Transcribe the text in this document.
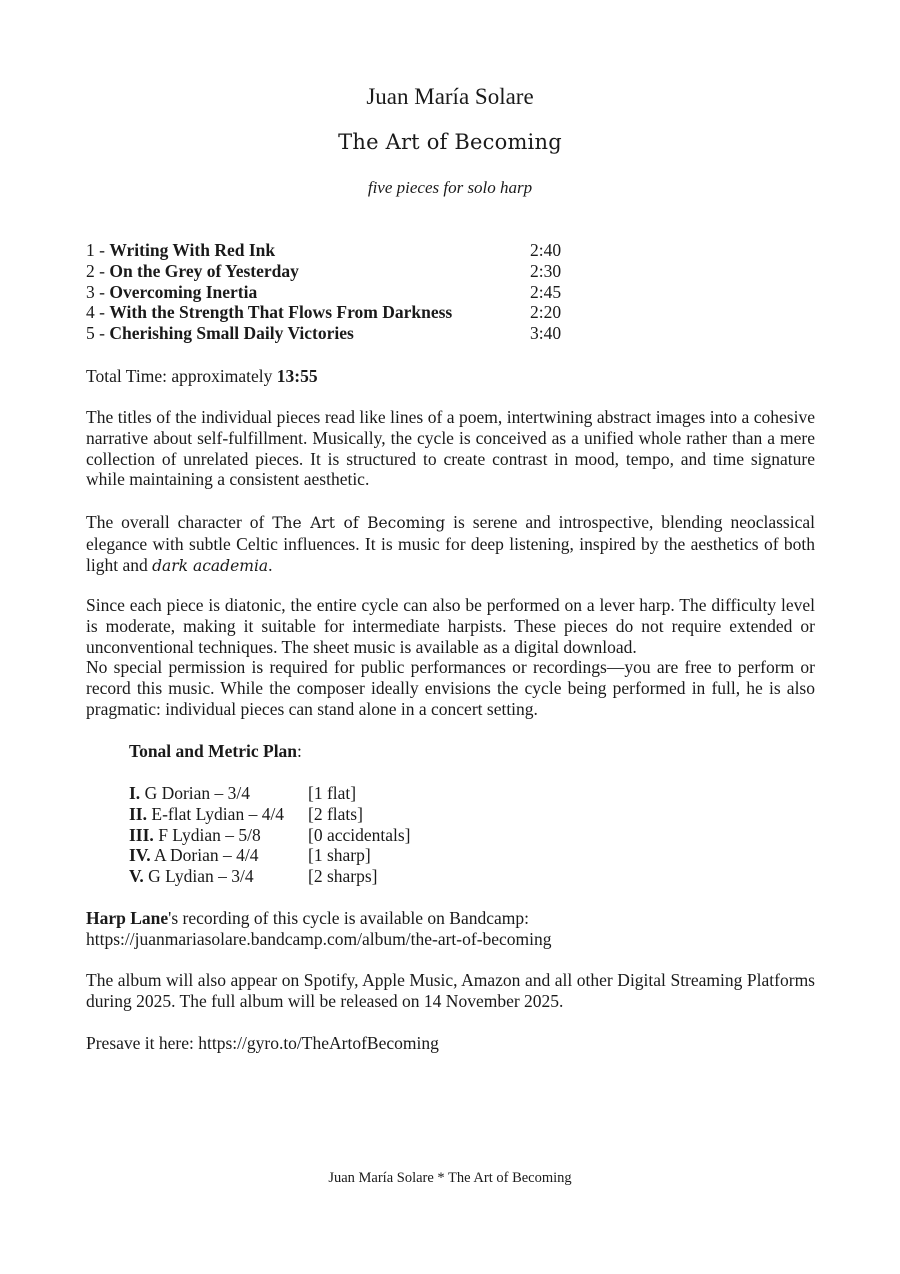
Juan María Solare
The Art of Becoming
five pieces for solo harp
1 - Writing With Red Ink	2:40
2 - On the Grey of Yesterday	2:30
3 - Overcoming Inertia	2:45
4 - With the Strength That Flows From Darkness	2:20
5 - Cherishing Small Daily Victories	3:40
Total Time: approximately 13:55

The titles of the individual pieces read like lines of a poem, intertwining abstract images into a cohesive narrative about self-fulfillment. Musically, the cycle is conceived as a unified whole rather than a mere collection of unrelated pieces. It is structured to create contrast in mood, tempo, and time signature while maintaining a consistent aesthetic.

The overall character of The Art of Becoming is serene and introspective, blending neoclassical elegance with subtle Celtic influences. It is music for deep listening, inspired by the aesthetics of both light and dark academia.

Since each piece is diatonic, the entire cycle can also be performed on a lever harp. The difficulty level is moderate, making it suitable for intermediate harpists. These pieces do not require extended or unconventional techniques. The sheet music is available as a digital download.

No special permission is required for public performances or recordings—you are free to perform or record this music. While the composer ideally envisions the cycle being performed in full, he is also pragmatic: individual pieces can stand alone in a concert setting.

Tonal and Metric Plan:
I. G Dorian – 3/4	[1 flat]
II. E-flat Lydian – 4/4	[2 flats]
III. F Lydian – 5/8	[0 accidentals]
IV. A Dorian – 4/4	[1 sharp]
V. G Lydian – 3/4	[2 sharps]
Harp Lane's recording of this cycle is available on Bandcamp:
https://juanmariasolare.bandcamp.com/album/the-art-of-becoming

The album will also appear on Spotify, Apple Music, Amazon and all other Digital Streaming Platforms during 2025. The full album will be released on 14 November 2025.

Presave it here: https://gyro.to/TheArtofBecoming
Juan María Solare * The Art of Becoming
